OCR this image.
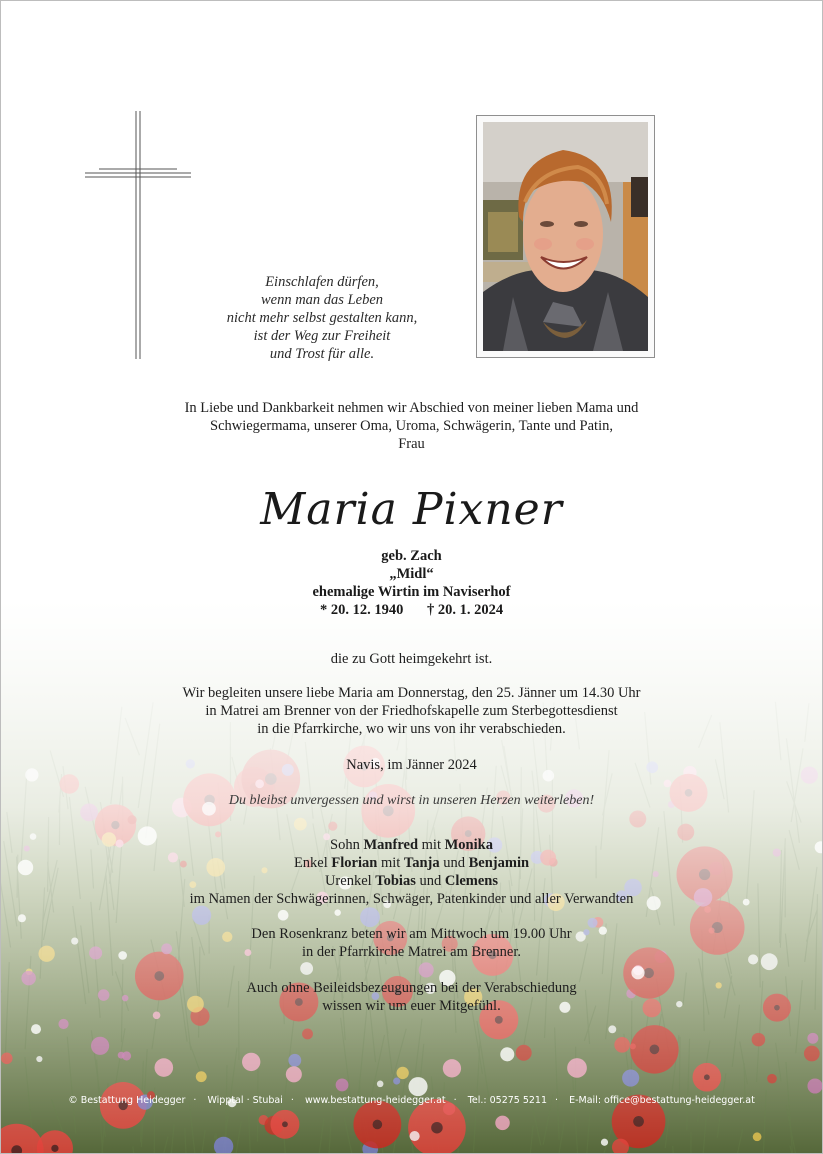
Einschlafen dürfen,
wenn man das Leben
nicht mehr selbst gestalten kann,
ist der Weg zur Freiheit
und Trost für alle.
In Liebe und Dankbarkeit nehmen wir Abschied von meiner lieben Mama und
Schwiegermama, unserer Oma, Uroma, Schwägerin, Tante und Patin,
Frau
Maria Pixner
geb. Zach
„Midl“
ehemalige Wirtin im Naviserhof
* 20. 12. 1940 † 20. 1. 2024
die zu Gott heimgekehrt ist.
Wir begleiten unsere liebe Maria am Donnerstag, den 25. Jänner um 14.30 Uhr
in Matrei am Brenner von der Friedhofskapelle zum Sterbegottesdienst
in die Pfarrkirche, wo wir uns von ihr verabschieden.
Navis, im Jänner 2024
Du bleibst unvergessen und wirst in unseren Herzen weiterleben!
Sohn Manfred mit Monika
Enkel Florian mit Tanja und Benjamin
Urenkel Tobias und Clemens
im Namen der Schwägerinnen, Schwäger, Patenkinder und aller Verwandten
Den Rosenkranz beten wir am Mittwoch um 19.00 Uhr
in der Pfarrkirche Matrei am Brenner.
Auch ohne Beileidsbezeugungen bei der Verabschiedung
wissen wir um euer Mitgefühl.
© Bestattung Heidegger · Wipptal · Stubai · www.bestattung-heidegger.at · Tel.: 05275 5211 · E-Mail: office@bestattung-heidegger.at
